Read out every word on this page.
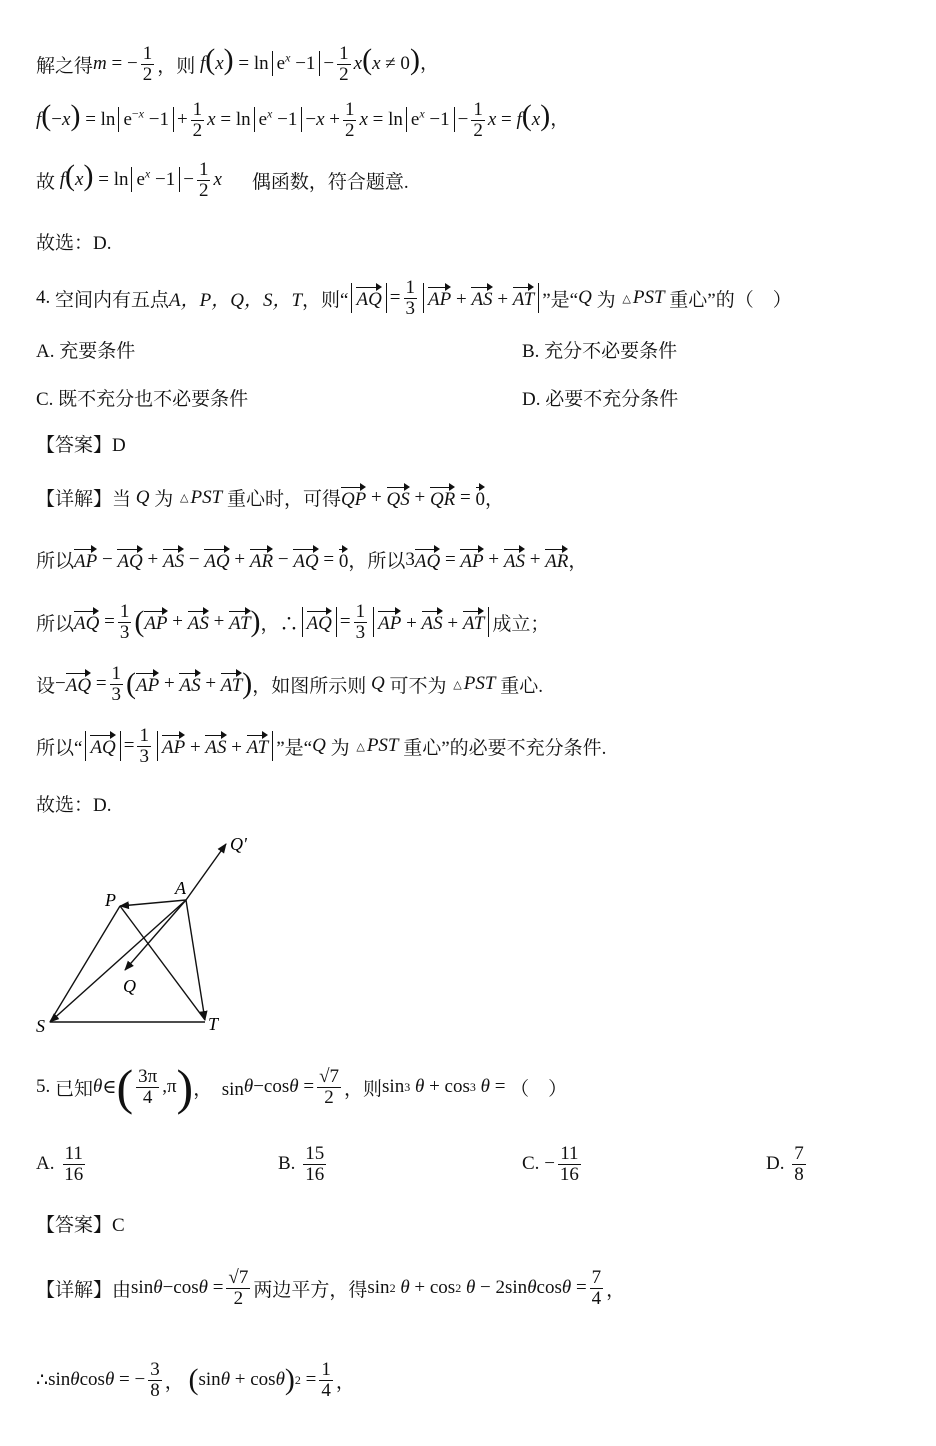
解之得 m = − $\frac{1}{2}$ ，则 $f(x) = \ln e^x -1 - \frac{1}{2} x(x \ne 0)$，
$f(-x) = \ln e^{-x} -1 + \frac{1}{2}$ $x = \ln e^x -1 -x + \frac{1}{2}$ $x = \ln e^x -1 - \frac{1}{2}$ x = f(x)，
故 $f(x) = \ln e^x -1 - \frac{1}{2}$ x 偶函数，符合题意.
故选：D.
4.
空间内有五点 A，P，Q，S，T ，则“ AQ = $\frac{1}{3}$ AP + AS + AT ”是“ Q
为
△ PST
重心”的（　）
A. 充要条件	B. 充分不必要条件
C. 既不充分也不必要条件	D. 必要不充分条件
【答案】D
【详解】 当
Q
为
△ PST
重心时，可得 QP + QS + QR = 0 ，
所以 AP − AQ + AS − AQ + AR − AQ = 0 ，所以 3 AQ = AP + AS + AR ，
所以 AQ = $\frac{1}{3}$ ( AP + AS + AT ) ，∴ AQ = $\frac{1}{3}$ AP + AS + AT 成立；
设 − AQ = $\frac{1}{3}$ ( AP + AS + AT ) ，如图所示则
Q
可不为
△ PST
重心.
所以“ AQ = $\frac{1}{3}$ AP + AS + AT ”是“ Q
为
△ PST
重心”的必要不充分条件.
故选：D.
P
A
Q'
Q
S	T
5.
已知 θ ∈ ( $\frac{3\pi}{4} ,\pi$ ) ，  sin θ −cos $\theta = \frac{√7}{2}$ ，则 sin 3
θ + cos 3
θ = （　）
A.
$\frac{11}{16}$	B.
$\frac{15}{16}$	C. − $\frac{11}{16}$	D.
$\frac{7}{8}$
【答案】C
【详解】 由 sin θ −cos $\theta = \frac{√7}{2}$ 两边平方，得 sin 2
θ + cos 2
θ − 2sin θ $\cos \theta = \frac{7}{4}$ ，
∴ sin θ cos θ = − $\frac{3}{8}$ ， ( sin θ + cos θ ) $2 = \frac{1}{4}$ ，
